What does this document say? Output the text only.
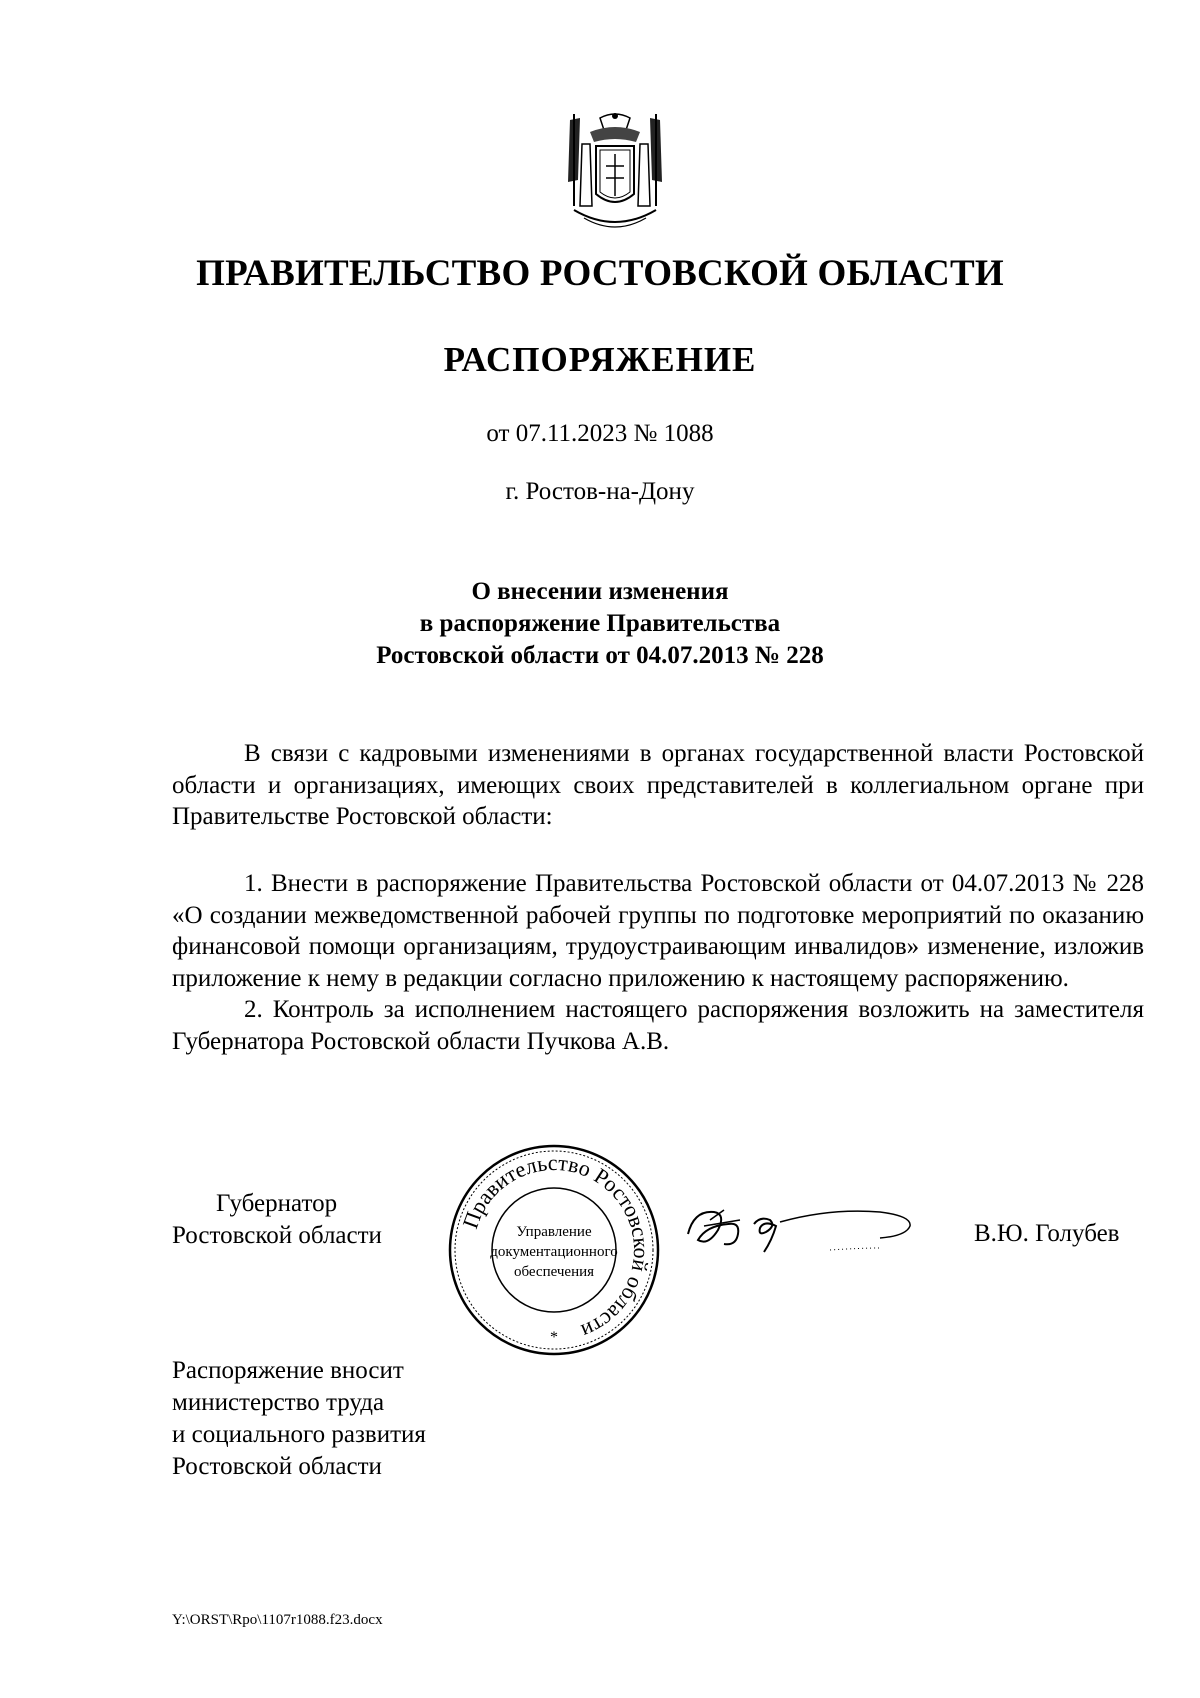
ПРАВИТЕЛЬСТВО РОСТОВСКОЙ ОБЛАСТИ
РАСПОРЯЖЕНИЕ
от 07.11.2023 № 1088
г. Ростов-на-Дону
О внесении изменения
в распоряжение Правительства
Ростовской области от 04.07.2013 № 228

В связи с кадровыми изменениями в органах государственной власти Ростовской области и организациях, имеющих своих представителей в коллегиальном органе при Правительстве Ростовской области:

1. Внести в распоряжение Правительства Ростовской области от 04.07.2013 № 228 «О создании межведомственной рабочей группы по подготовке мероприятий по оказанию финансовой помощи организациям, трудоустраивающим инвалидов» изменение, изложив приложение к нему в редакции согласно приложению к настоящему распоряжению.

2. Контроль за исполнением настоящего распоряжения возложить на заместителя Губернатора Ростовской области Пучкова А.В.

Губернатор
Ростовской области
Правительство Ростовской области
Управление
документационного
обеспечения
*
В.Ю. Голубев
Распоряжение вносит
министерство труда
и социального развития
Ростовской области
Y:\ORST\Rpo\1107r1088.f23.docx
